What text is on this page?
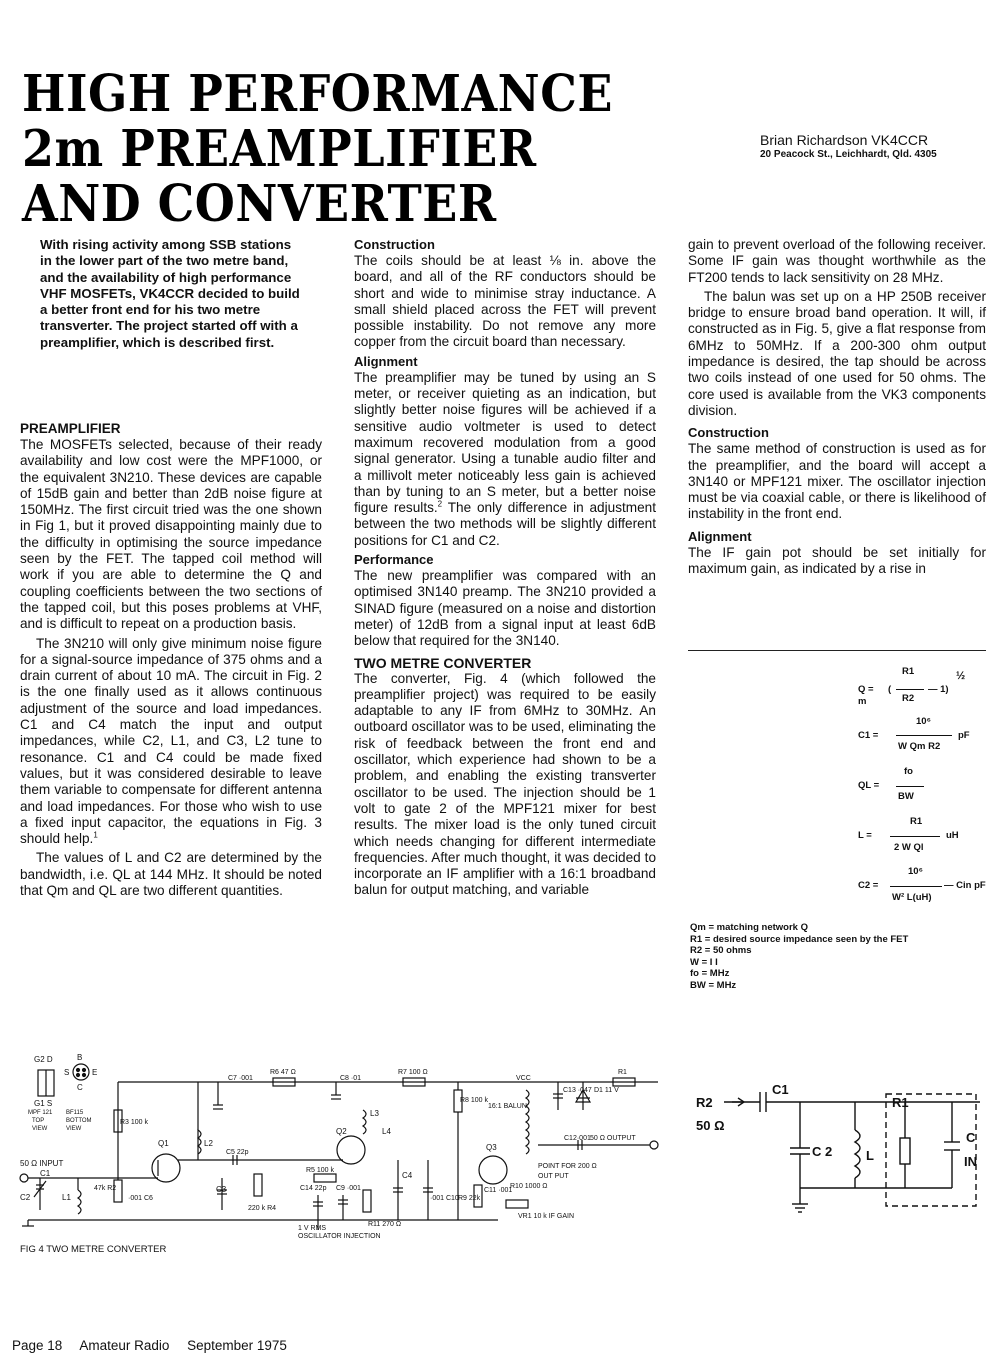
HIGH PERFORMANCE
2m PREAMPLIFIER
AND CONVERTER
Brian Richardson VK4CCR
20 Peacock St., Leichhardt, Qld. 4305
With rising activity among SSB stations in the lower part of the two metre band, and the availability of high performance VHF MOSFETs, VK4CCR decided to build a better front end for his two metre transverter. The project started off with a preamplifier, which is described first.
PREAMPLIFIER

The MOSFETs selected, because of their ready availability and low cost were the MPF1000, or the equivalent 3N210. These devices are capable of 15dB gain and better than 2dB noise figure at 150MHz. The first circuit tried was the one shown in Fig 1, but it proved disappointing mainly due to the difficulty in optimising the source impedance seen by the FET. The tapped coil method will work if you are able to determine the Q and coupling coefficients between the two sections of the tapped coil, but this poses problems at VHF, and is difficult to repeat on a production basis.

The 3N210 will only give minimum noise figure for a signal-source impedance of 375 ohms and a drain current of about 10 mA. The circuit in Fig. 2 is the one finally used as it allows continuous adjustment of the source and load impedances. C1 and C4 match the input and output impedances, while C2, L1, and C3, L2 tune to resonance. C1 and C4 could be made fixed values, but it was considered desirable to leave them variable to compensate for different antenna and load impedances. For those who wish to use a fixed input capacitor, the equations in Fig. 3 should help.$^1$

The values of L and C2 are determined by the bandwidth, i.e. QL at 144 MHz. It should be noted that Qm and QL are two different quantities.

Construction

The coils should be at least ⅛ in. above the board, and all of the RF conductors should be short and wide to minimise stray inductance. A small shield placed across the FET will prevent possible instability. Do not remove any more copper from the circuit board than necessary.

Alignment

The preamplifier may be tuned by using an S meter, or receiver quieting as an indication, but slightly better noise figures will be achieved if a sensitive audio voltmeter is used to detect maximum recovered modulation from a good signal generator. Using a tunable audio filter and a millivolt meter noticeably less gain is achieved than by tuning to an S meter, but a better noise figure results.$^2$ The only difference in adjustment between the two methods will be slightly different positions for C1 and C2.

Performance

The new preamplifier was compared with an optimised 3N140 preamp. The 3N210 provided a SINAD figure (measured on a noise and distortion meter) of 12dB from a signal input at least 6dB below that required for the 3N140.

TWO METRE CONVERTER

The converter, Fig. 4 (which followed the preamplifier project) was required to be easily adaptable to any IF from 6MHz to 30MHz. An outboard oscillator was to be used, eliminating the risk of feedback between the front end and oscillator, which experience had shown to be a problem, and enabling the existing transverter oscillator to be used. The injection should be 1 volt to gate 2 of the MPF121 mixer for best results. The mixer load is the only tuned circuit which needs changing for different intermediate frequencies. After much thought, it was decided to incorporate an IF amplifier with a 16:1 broadband balun for output matching, and variable

gain to prevent overload of the following receiver. Some IF gain was thought worthwhile as the FT200 tends to lack sensitivity on 28 MHz.

The balun was set up on a HP 250B receiver bridge to ensure broad band operation. It will, if constructed as in Fig. 5, give a flat response from 6MHz to 50MHz. If a 200-300 ohm output impedance is desired, the tap should be across two coils instead of one used for 50 ohms. The core used is available from the VK3 components division.

Construction

The same method of construction is used as for the preamplifier, and the board will accept a 3N140 or MPF121 mixer. The oscillator injection must be via coaxial cable, or there is likelihood of instability in the front end.

Alignment

The IF gain pot should be set initially for maximum gain, as indicated by a rise in

Q =
m
(
R1
R2
— 1)
½
C1 =
10⁶
W Qm R2
pF
QL =
fo
BW
L =
R1
2 W Ql
uH
C2 =
10⁶
W² L(uH)
— Cin pF
Qm = matching network Q
R1 = desired source impedance seen by the FET
R2 = 50 ohms
W = I I
fo = MHz
BW = MHz
G2 D
G1 S
MPF 121
TOP
VIEW
B
S	E
C
BF115
BOTTOM
VIEW
50 Ω INPUT
C1
C2	L1
47k R2
·001 C6
R3 100 k
Q1
C7 ·001
L2
C5 22p
C3
220 k R4
R6 47 Ω
C8 ·01
L3
L4
Q2
R5 100 k
C14 22p C9 ·001
R11 270 Ω
C4
R7 100 Ω
·001 C10
R8 100 k
16:1 BALUN
R9 22k
C11 ·001
Q3
VCC
R1
C13 ·047 D1 11 V
C12·001 50 Ω OUTPUT
POINT FOR 200 Ω
OUT PUT
R10 1000 Ω
VR1 10 k IF GAIN
1 V RMS
OSCILLATOR INJECTION
FIG 4 TWO METRE CONVERTER
R2
50 Ω
C1
C 2	L
R1
C
IN
Page 18 Amateur Radio September 1975
